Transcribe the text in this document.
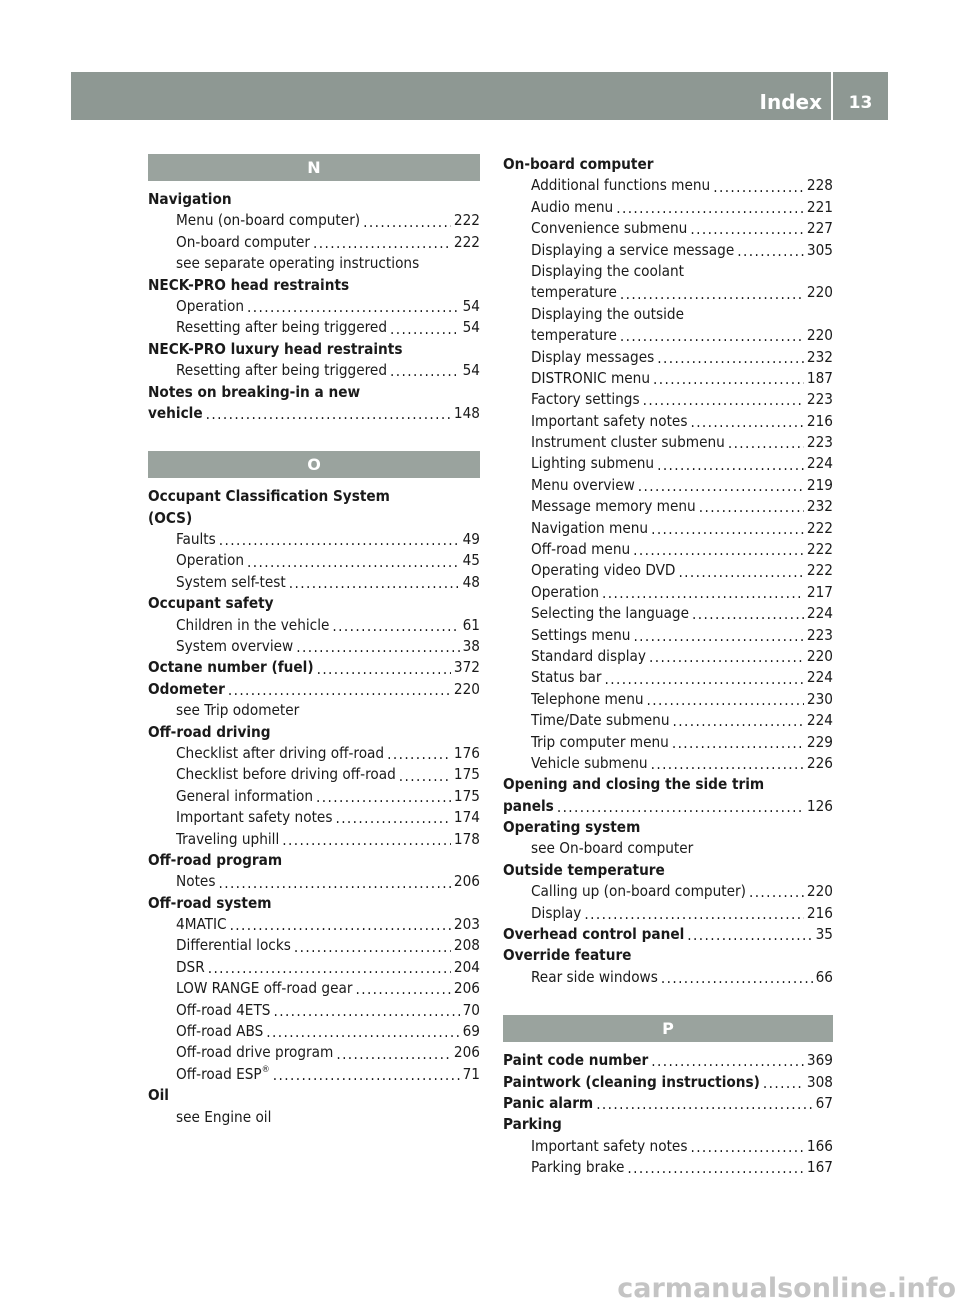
Index	13
N
Navigation
Menu (on-board computer) .....	222
On-board computer .....	222
see separate operating instructions
NECK-PRO head restraints
Operation .....	54
Resetting after being triggered .....	54
NECK-PRO luxury head restraints
Resetting after being triggered .....	54
Notes on breaking-in a new
vehicle .....	148
O
Occupant Classification System
(OCS)
Faults .....	49
Operation .....	45
System self-test .....	48
Occupant safety
Children in the vehicle .....	61
System overview .....	38
Octane number (fuel) .....	372
Odometer .....	220
see Trip odometer
Off-road driving
Checklist after driving off-road .....	176
Checklist before driving off-road .....	175
General information .....	175
Important safety notes .....	174
Traveling uphill .....	178
Off-road program
Notes .....	206
Off-road system
4MATIC .....	203
Differential locks .....	208
DSR .....	204
LOW RANGE off-road gear .....	206
Off-road 4ETS .....	70
Off-road ABS .....	69
Off-road drive program .....	206
Off-road ESP® .....	71
Oil
see Engine oil
On-board computer
Additional functions menu .....	228
Audio menu .....	221
Convenience submenu .....	227
Displaying a service message .....	305
Displaying the coolant
temperature .....	220
Displaying the outside
temperature .....	220
Display messages .....	232
DISTRONIC menu .....	187
Factory settings .....	223
Important safety notes .....	216
Instrument cluster submenu .....	223
Lighting submenu .....	224
Menu overview .....	219
Message memory menu .....	232
Navigation menu .....	222
Off-road menu .....	222
Operating video DVD .....	222
Operation .....	217
Selecting the language .....	224
Settings menu .....	223
Standard display .....	220
Status bar .....	224
Telephone menu .....	230
Time/Date submenu .....	224
Trip computer menu .....	229
Vehicle submenu .....	226
Opening and closing the side trim
panels .....	126
Operating system
see On-board computer
Outside temperature
Calling up (on-board computer) .....	220
Display .....	216
Overhead control panel .....	35
Override feature
Rear side windows .....	66
P
Paint code number .....	369
Paintwork (cleaning instructions) .....	308
Panic alarm .....	67
Parking
Important safety notes .....	166
Parking brake .....	167
carmanualsonline.info
